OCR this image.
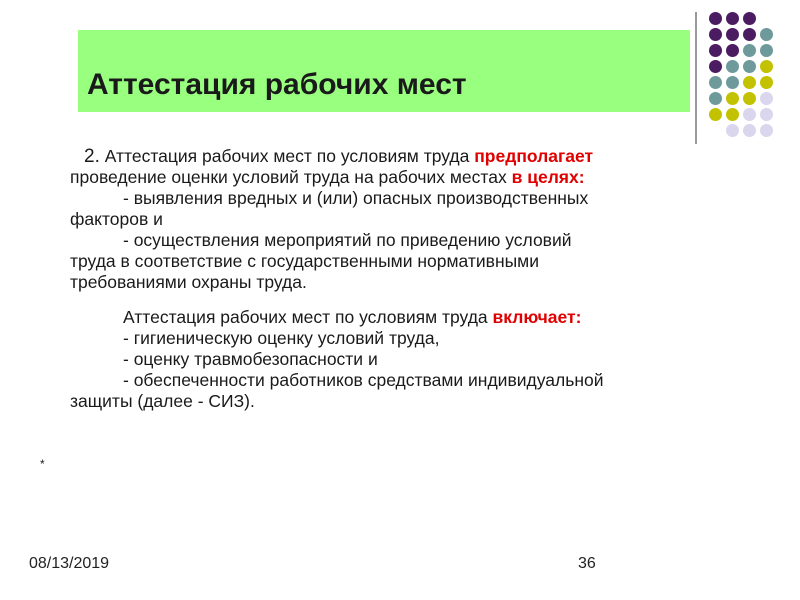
Аттестация рабочих мест
2. Аттестация рабочих мест по условиям труда предполагает
проведение оценки условий труда на рабочих местах в целях:
- выявления вредных и (или) опасных производственных
факторов и
- осуществления мероприятий по приведению условий
труда в соответствие с государственными нормативными
требованиями охраны труда.
Аттестация рабочих мест по условиям труда включает:
- гигиеническую оценку условий труда,
- оценку травмобезопасности и
- обеспеченности работников средствами индивидуальной
защиты (далее - СИЗ).
*
08/13/2019	36
